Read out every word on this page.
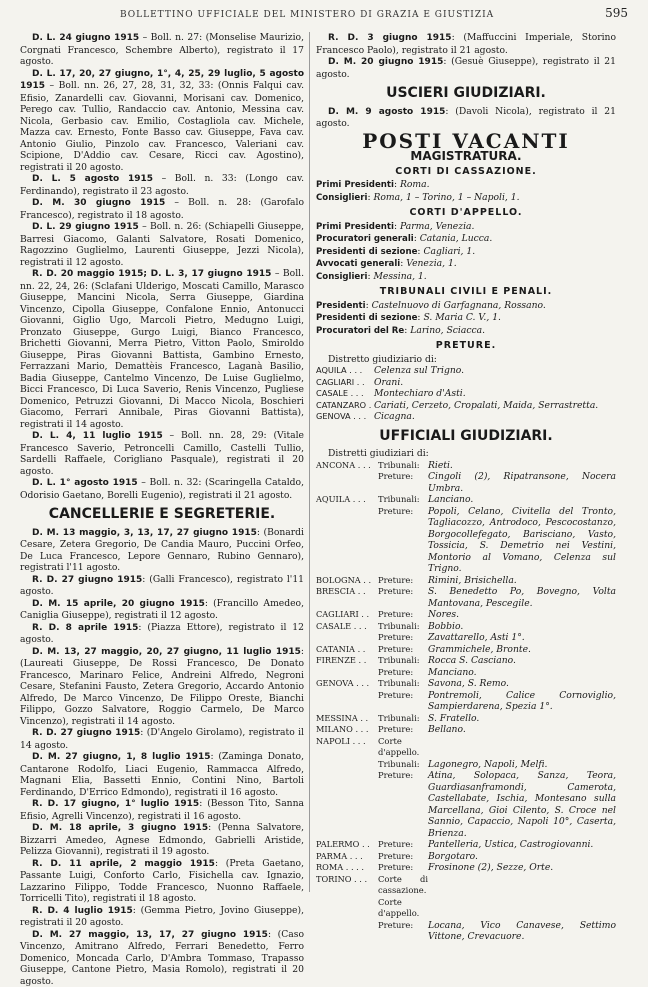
BOLLETTINO UFFICIALE DEL MINISTERO DI GRAZIA E GIUSTIZIA	595
D. L. 24 giugno 1915 – Boll. n. 27: (Monselise Maurizio, Corgnati Francesco, Schembre Alberto), registrato il 17 agosto.
D. L. 17, 20, 27 giugno, 1°, 4, 25, 29 luglio, 5 agosto 1915 – Boll. nn. 26, 27, 28, 31, 32, 33: (Onnis Falqui cav. Efisio, Zanardelli cav. Giovanni, Morisani cav. Domenico, Perego cav. Tullio, Randaccio cav. Antonio, Messina cav. Nicola, Gerbasio cav. Emilio, Costagliola cav. Michele, Mazza cav. Ernesto, Fonte Basso cav. Giuseppe, Fava cav. Antonio Giulio, Pinzolo cav. Francesco, Valeriani cav. Scipione, D'Addio cav. Cesare, Ricci cav. Agostino), registrati il 20 agosto.
D. L. 5 agosto 1915 – Boll. n. 33: (Longo cav. Ferdinando), registrato il 23 agosto.
D. M. 30 giugno 1915 – Boll. n. 28: (Garofalo Francesco), registrato il 18 agosto.
D. L. 29 giugno 1915 – Boll. n. 26: (Schiapelli Giuseppe, Barresi Giacomo, Galanti Salvatore, Rosati Domenico, Ragozzino Guglielmo, Laurenti Giuseppe, Jezzi Nicola), registrati il 12 agosto.
R. D. 20 maggio 1915; D. L. 3, 17 giugno 1915 – Boll. nn. 22, 24, 26: (Sclafani Ulderigo, Moscati Camillo, Marasco Giuseppe, Mancini Nicola, Serra Giuseppe, Giardina Vincenzo, Cipolla Giuseppe, Confalone Ennio, Antonucci Giovanni, Giglio Ugo, Marcoli Pietro, Medugno Luigi, Pronzato Giuseppe, Gurgo Luigi, Bianco Francesco, Brichetti Giovanni, Merra Pietro, Vitton Paolo, Smiroldo Giuseppe, Piras Giovanni Battista, Gambino Ernesto, Ferrazzani Mario, Demattèis Francesco, Laganà Basilio, Badia Giuseppe, Cantelmo Vincenzo, De Luise Guglielmo, Bicci Francesco, Di Luca Saverio, Renis Vincenzo, Pugliese Domenico, Petruzzi Giovanni, Di Macco Nicola, Boschieri Giacomo, Ferrari Annibale, Piras Giovanni Battista), registrati il 14 agosto.
D. L. 4, 11 luglio 1915 – Boll. nn. 28, 29: (Vitale Francesco Saverio, Petroncelli Camillo, Castelli Tullio, Sardelli Raffaele, Corigliano Pasquale), registrati il 20 agosto.
D. L. 1° agosto 1915 – Boll. n. 32: (Scaringella Cataldo, Odorisio Gaetano, Borelli Eugenio), registrati il 21 agosto.
CANCELLERIE E SEGRETERIE.
D. M. 13 maggio, 3, 13, 17, 27 giugno 1915: (Bonardi Cesare, Zetera Gregorio, De Candia Mauro, Puccini Orfeo, De Luca Francesco, Lepore Gennaro, Rubino Gennaro), registrati l'11 agosto.
R. D. 27 giugno 1915: (Galli Francesco), registrato l'11 agosto.
D. M. 15 aprile, 20 giugno 1915: (Francillo Amedeo, Caniglia Giuseppe), registrati il 12 agosto.
R. D. 8 aprile 1915: (Piazza Ettore), registrato il 12 agosto.
D. M. 13, 27 maggio, 20, 27 giugno, 11 luglio 1915: (Laureati Giuseppe, De Rossi Francesco, De Donato Francesco, Marinaro Felice, Andreini Alfredo, Negroni Cesare, Stefanini Fausto, Zetera Gregorio, Accardo Antonio Alfredo, De Marco Vincenzo, De Filippo Oreste, Bianchi Filippo, Gozzo Salvatore, Roggio Carmelo, De Marco Vincenzo), registrati il 14 agosto.
R. D. 27 giugno 1915: (D'Angelo Girolamo), registrato il 14 agosto.
D. M. 27 giugno, 1, 8 luglio 1915: (Zaminga Donato, Cantarone Rodolfo, Liaci Eugenio, Rammacca Alfredo, Magnani Elia, Bassetti Ennio, Contini Nino, Bartoli Ferdinando, D'Errico Edmondo), registrati il 16 agosto.
R. D. 17 giugno, 1° luglio 1915: (Besson Tito, Sanna Efisio, Agrelli Vincenzo), registrati il 16 agosto.
D. M. 18 aprile, 3 giugno 1915: (Penna Salvatore, Bizzarri Amedeo, Agnese Edmondo, Gabrielli Aristide, Pelizza Giovanni), registrati il 19 agosto.
R. D. 11 aprile, 2 maggio 1915: (Preta Gaetano, Passante Luigi, Conforto Carlo, Fisichella cav. Ignazio, Lazzarino Filippo, Todde Francesco, Nuonno Raffaele, Torricelli Tito), registrati il 18 agosto.
R. D. 4 luglio 1915: (Gemma Pietro, Jovino Giuseppe), registrati il 20 agosto.
D. M. 27 maggio, 13, 17, 27 giugno 1915: (Caso Vincenzo, Amitrano Alfredo, Ferrari Benedetto, Ferro Domenico, Moncada Carlo, D'Ambra Tommaso, Trapasso Giuseppe, Cantone Pietro, Masia Romolo), registrati il 20 agosto.
R. D. 3 giugno 1915: (Maffuccini Imperiale, Storino Francesco Paolo), registrato il 21 agosto.
D. M. 20 giugno 1915: (Gesuè Giuseppe), registrato il 21 agosto.
USCIERI GIUDIZIARI.
D. M. 9 agosto 1915: (Davoli Nicola), registrato il 21 agosto.
POSTI VACANTI
MAGISTRATURA.
CORTI DI CASSAZIONE.
Primi Presidenti: Roma.
Consiglieri: Roma, 1 – Torino, 1 – Napoli, 1.
CORTI D'APPELLO.
Primi Presidenti: Parma, Venezia.
Procuratori generali: Catania, Lucca.
Presidenti di sezione: Cagliari, 1.
Avvocati generali: Venezia, 1.
Consiglieri: Messina, 1.
TRIBUNALI CIVILI E PENALI.
Presidenti: Castelnuovo di Garfagnana, Rossano.
Presidenti di sezione: S. Maria C. V., 1.
Procuratori del Re: Larino, Sciacca.
PRETURE.
Distretto giudiziario di:
AQUILA . . .	Celenza sul Trigno.
CAGLIARI . .	Orani.
CASALE . . .	Montechiaro d'Asti.
CATANZARO . Cariati, Cerzeto, Cropalati, Maida, Serrastretta.
GENOVA . . . Cicagna.
UFFICIALI GIUDIZIARI.
Distretti giudiziari di:
ANCONA . . . Tribunali: Rieti.
Preture:	Cingoli (2), Ripatransone, Nocera Umbra.
AQUILA . . .	Tribunali: Lanciano.
Preture:	Popoli, Celano, Civitella del Tronto, Tagliacozzo, Antrodoco, Pescocostanzo, Borgocollefegato, Barisciano, Vasto, Tossicia, S. Demetrio nei Vestini, Montorio al Vomano, Celenza sul Trigno.
BOLOGNA . . Preture:	Rimini, Brisichella.
BRESCIA . .	Preture:	S. Benedetto Po, Bovegno, Volta Mantovana, Pescegile.
CAGLIARI . .	Preture:	Nores.
CASALE . . .	Tribunali: Bobbio.
Preture:	Zavattarello, Asti 1°.
CATANIA . .	Preture:	Grammichele, Bronte.
FIRENZE . .	Tribunali: Rocca S. Casciano.
Preture:	Manciano.
GENOVA . . .	Tribunali: Savona, S. Remo.
Preture:	Pontremoli, Calice Cornoviglio, Sampierdarena, Spezia 1°.
MESSINA . .	Tribunali: S. Fratello.
MILANO . . .	Preture:	Bellano.
NAPOLI . . .	Corte d'appello.
Tribunali: Lagonegro, Napoli, Melfi.
Preture:	Atina, Solopaca, Sanza, Teora, Guardiasanframondi, Camerota, Castellabate, Ischia, Montesano sulla Marcellana, Gioi Cilento, S. Croce nel Sannio, Capaccio, Napoli 10°, Caserta, Brienza.
PALERMO . . Preture:	Pantelleria, Ustica, Castrogiovanni.
PARMA . . .	Preture:	Borgotaro.
ROMA . . . .	Preture:	Frosinone (2), Sezze, Orte.
TORINO . . .	Corte di cassazione.
Corte d'appello.
Preture:	Locana, Vico Canavese, Settimo Vittone, Crevacuore.
